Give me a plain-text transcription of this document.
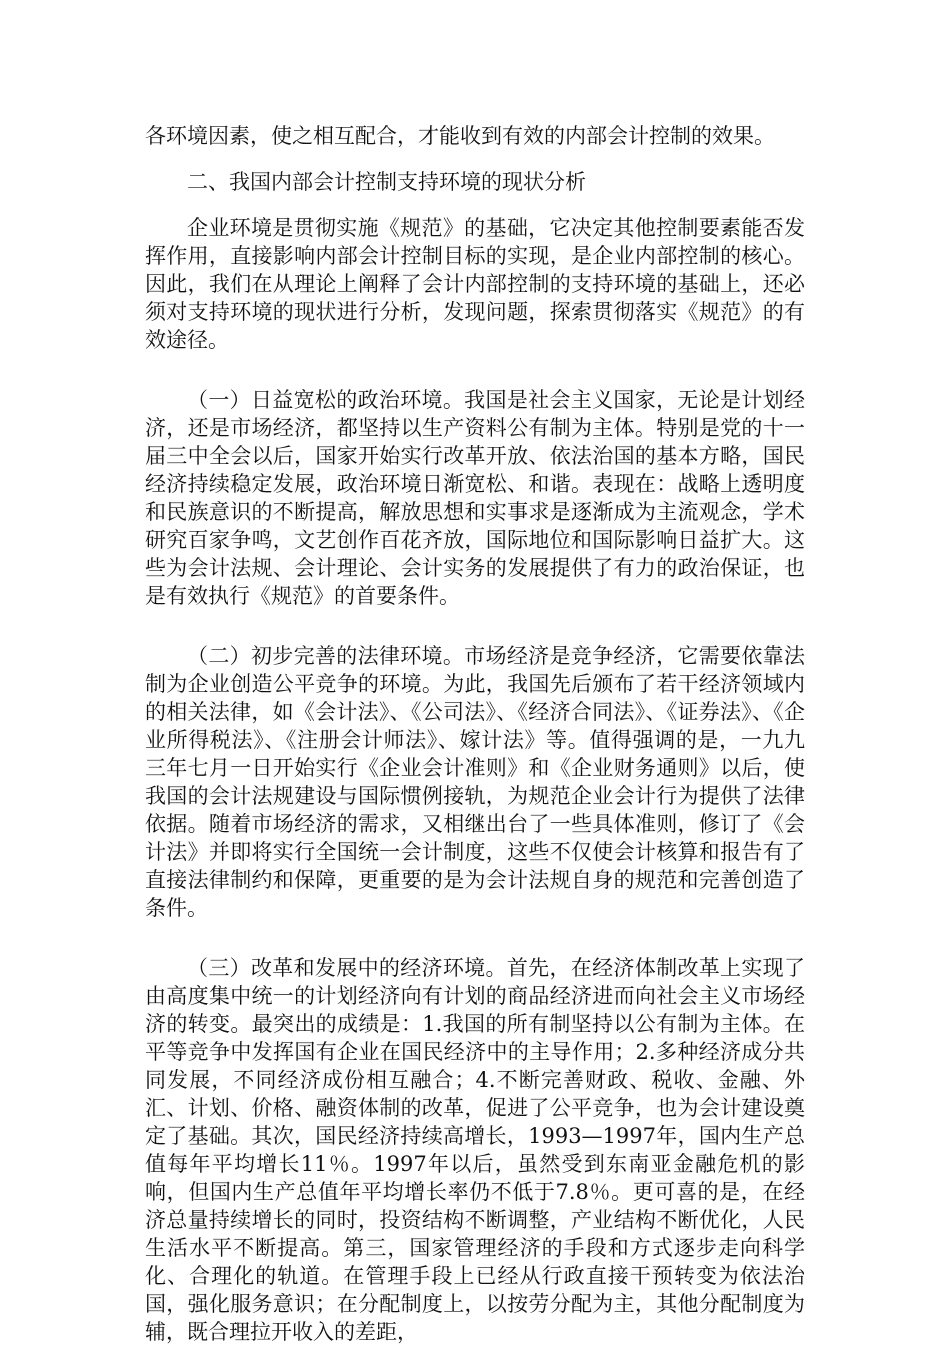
各环境因素，使之相互配合，才能收到有效的内部会计控制的效果。

二、我国内部会计控制支持环境的现状分析

企业环境是贯彻实施《规范》的基础，它决定其他控制要素能否发挥作用，直接影响内部会计控制目标的实现，是企业内部控制的核心。因此，我们在从理论上阐释了会计内部控制的支持环境的基础上，还必须对支持环境的现状进行分析，发现问题，探索贯彻落实《规范》的有效途径。

（一）日益宽松的政治环境。我国是社会主义国家，无论是计划经济，还是市场经济，都坚持以生产资料公有制为主体。特别是党的十一届三中全会以后，国家开始实行改革开放、依法治国的基本方略，国民经济持续稳定发展，政治环境日渐宽松、和谐。表现在：战略上透明度和民族意识的不断提高，解放思想和实事求是逐渐成为主流观念，学术研究百家争鸣，文艺创作百花齐放，国际地位和国际影响日益扩大。这些为会计法规、会计理论、会计实务的发展提供了有力的政治保证，也是有效执行《规范》的首要条件。

（二）初步完善的法律环境。市场经济是竞争经济，它需要依靠法制为企业创造公平竞争的环境。为此，我国先后颁布了若干经济领域内的相关法律，如《会计法》、《公司法》、《经济合同法》、《证券法》、《企业所得税法》、《注册会计师法》、嫁计法》等。值得强调的是，一九九三年七月一日开始实行《企业会计准则》和《企业财务通则》以后，使我国的会计法规建设与国际惯例接轨，为规范企业会计行为提供了法律依据。随着市场经济的需求，又相继出台了一些具体准则，修订了《会计法》并即将实行全国统一会计制度，这些不仅使会计核算和报告有了直接法律制约和保障，更重要的是为会计法规自身的规范和完善创造了条件。

（三）改革和发展中的经济环境。首先，在经济体制改革上实现了由高度集中统一的计划经济向有计划的商品经济进而向社会主义市场经济的转变。最突出的成绩是：1.我国的所有制坚持以公有制为主体。在平等竞争中发挥国有企业在国民经济中的主导作用；2.多种经济成分共同发展，不同经济成份相互融合；4.不断完善财政、税收、金融、外汇、计划、价格、融资体制的改革，促进了公平竞争，也为会计建设奠定了基础。其次，国民经济持续高增长，1993—1997年，国内生产总值每年平均增长11％。1997年以后，虽然受到东南亚金融危机的影响，但国内生产总值年平均增长率仍不低于7.8％。更可喜的是，在经济总量持续增长的同时，投资结构不断调整，产业结构不断优化，人民生活水平不断提高。第三，国家管理经济的手段和方式逐步走向科学化、合理化的轨道。在管理手段上已经从行政直接干预转变为依法治国，强化服务意识；在分配制度上，以按劳分配为主，其他分配制度为辅，既合理拉开收入的差距，
